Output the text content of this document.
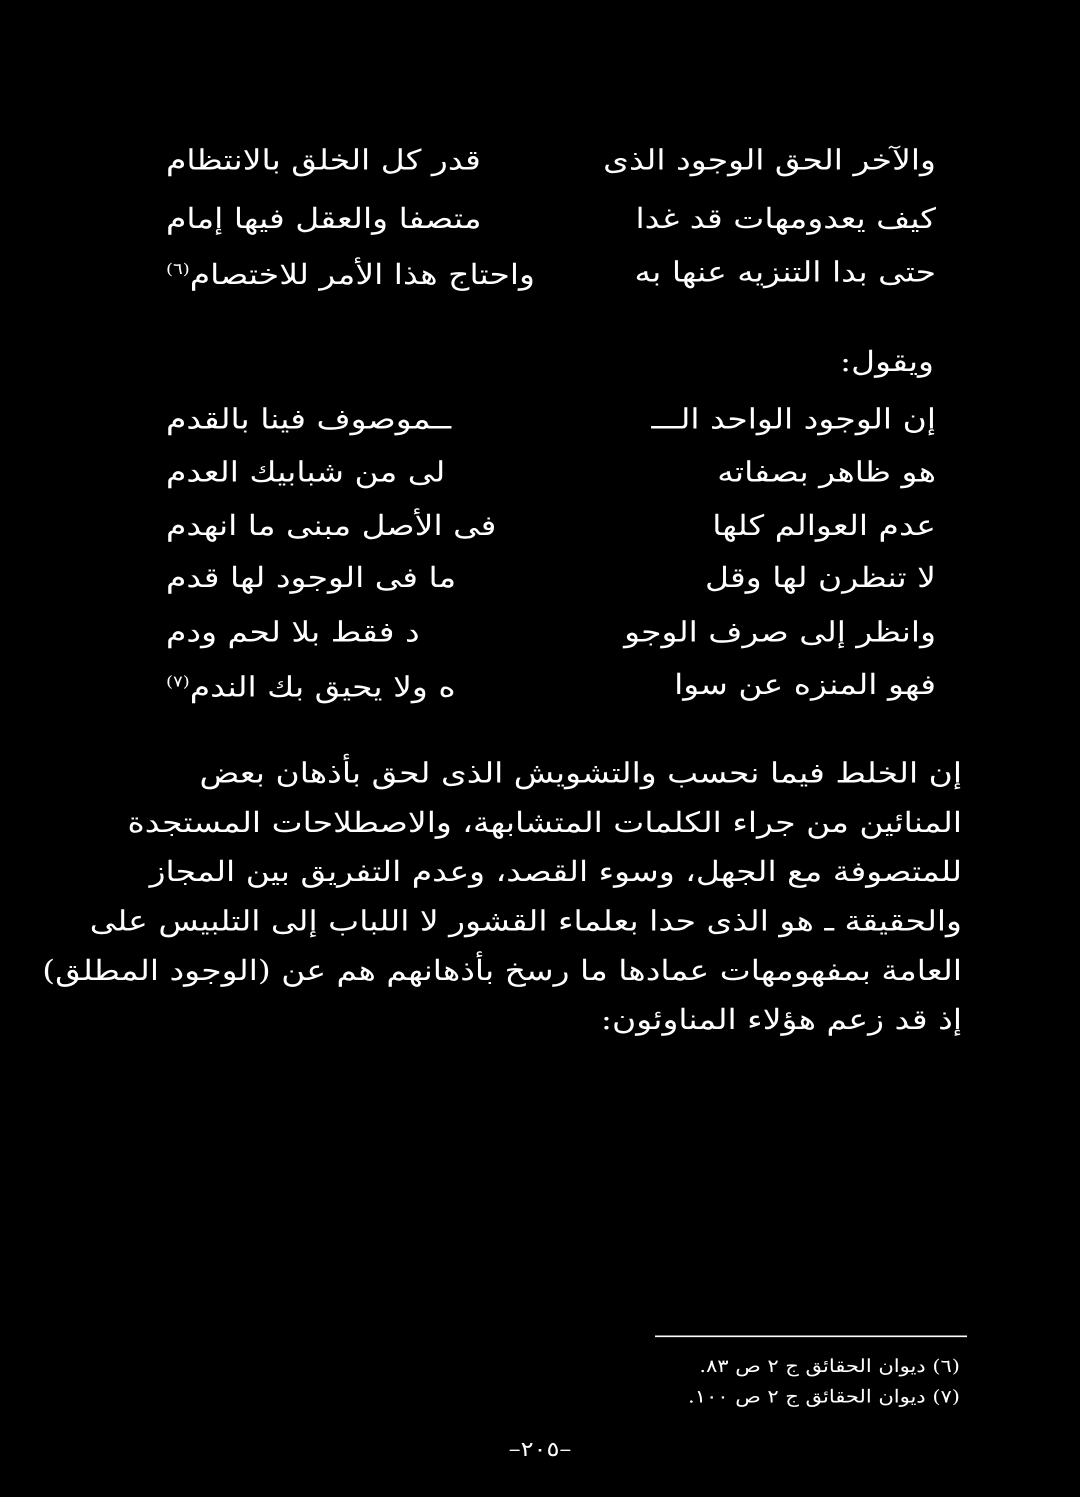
والآخر الحق الوجود الذى
قدر كل الخلق بالانتظام
كيف يعدومهات قد غدا
متصفا والعقل فيها إمام
حتى بدا التنزيه عنها به
واحتاج هذا الأمر للاختصام$^{(٦)}$
ويقول:
إن الوجود الواحد الـــ
ــموصوف فينا بالقدم
هو ظاهر بصفاته
لى من شبابيك العدم
عدم العوالم كلها
فى الأصل مبنى ما انهدم
لا تنظرن لها وقل
ما فى الوجود لها قدم
وانظر إلى صرف الوجو
د فقط بلا لحم ودم
فهو المنزه عن سوا
ه ولا يحيق بك الندم$^{(٧)}$
إن الخلط فيما نحسب والتشويش الذى لحق بأذهان بعض
المنائين من جراء الكلمات المتشابهة، والاصطلاحات المستجدة
للمتصوفة مع الجهل، وسوء القصد، وعدم التفريق بين المجاز
والحقيقة ـ هو الذى حدا بعلماء القشور لا اللباب إلى التلبيس على
العامة بمفهومهات عمادها ما رسخ بأذهانهم هم عن (الوجود المطلق)
إذ قد زعم هؤلاء المناوئون:
(٦) ديوان الحقائق ج ٢ ص ٨٣.
(٧) ديوان الحقائق ج ٢ ص ١٠٠.
–٢٠٥–
